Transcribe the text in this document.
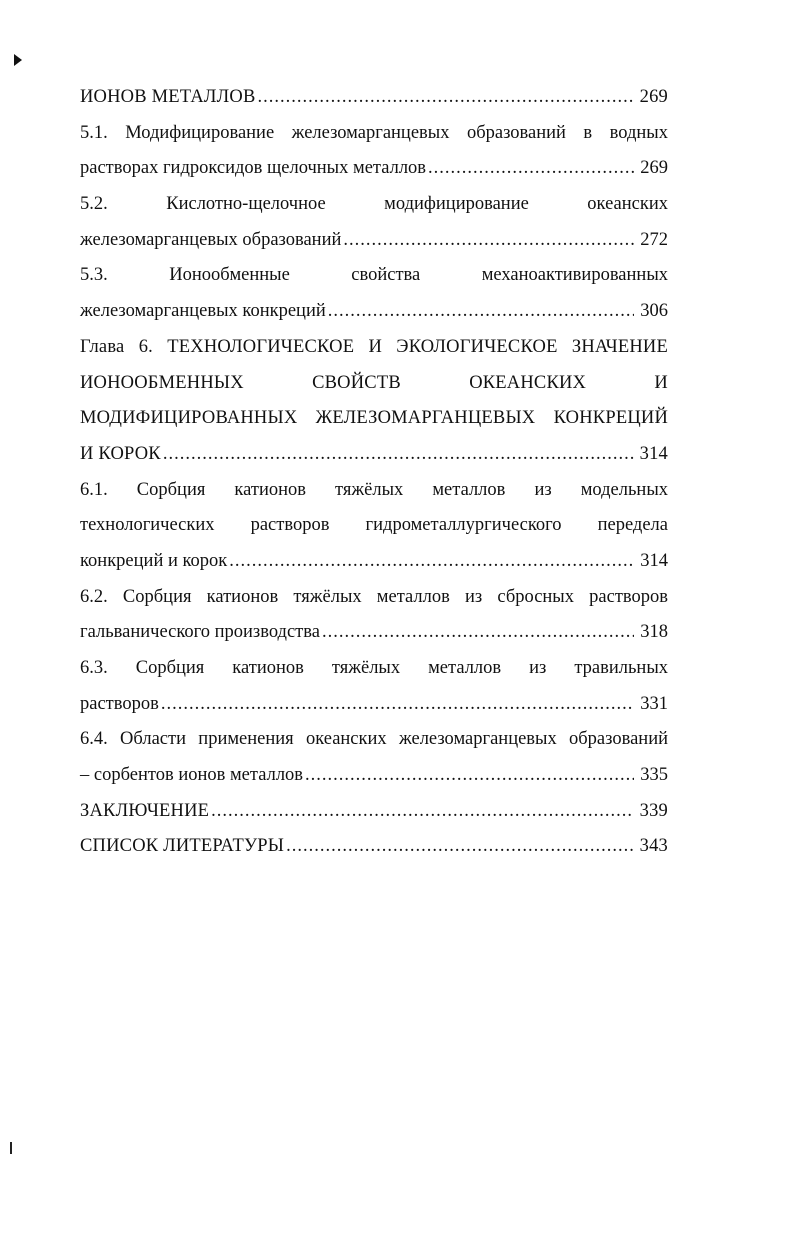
ИОНОВ МЕТАЛЛОВ .....	269
5.1. Модифицирование железомарганцевых образований в водных
растворах гидроксидов щелочных металлов .....	269
5.2. Кислотно-щелочное модифицирование океанских
железомарганцевых образований .....	272
5.3. Ионообменные свойства механоактивированных
железомарганцевых конкреций .....	306
Глава 6. ТЕХНОЛОГИЧЕСКОЕ И ЭКОЛОГИЧЕСКОЕ ЗНАЧЕНИЕ
ИОНООБМЕННЫХ СВОЙСТВ ОКЕАНСКИХ И
МОДИФИЦИРОВАННЫХ ЖЕЛЕЗОМАРГАНЦЕВЫХ КОНКРЕЦИЙ
И КОРОК .....	314
6.1. Сорбция катионов тяжёлых металлов из модельных
технологических растворов гидрометаллургического передела
конкреций и корок .....	314
6.2. Сорбция катионов тяжёлых металлов из сбросных растворов
гальванического производства .....	318
6.3. Сорбция катионов тяжёлых металлов из травильных
растворов .....	331
6.4. Области применения океанских железомарганцевых образований
– сорбентов ионов металлов .....	335
ЗАКЛЮЧЕНИЕ .....	339
СПИСОК ЛИТЕРАТУРЫ .....	343
